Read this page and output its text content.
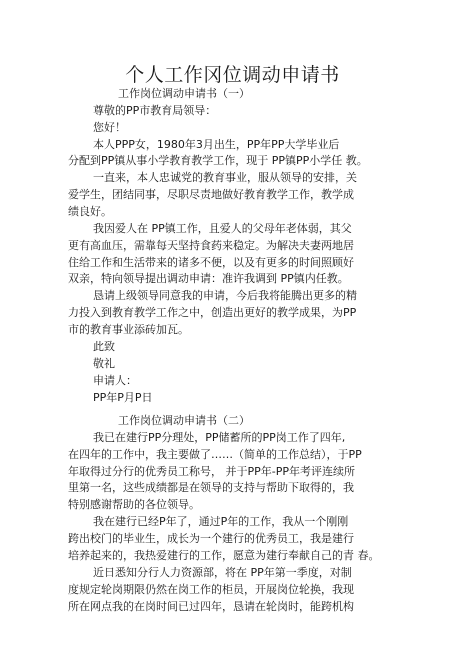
个人工作冈位调动申请书
工作岗位调动申请书（一）
尊敬的PP市教育局领导：
您好！
本人PPP女，1980年3月出生，PP年PP大学毕业后
分配到PP镇从事小学教育教学工作，现于 PP镇PP小学任 教。
一直来，本人忠诚党的教育事业，服从领导的安排，关
爱学生，团结同事，尽职尽责地做好教育教学工作，教学成
绩良好。
我因爱人在 PP镇工作，且爱人的父母年老体弱，其父
更有高血压，需靠每天坚持食药来稳定。为解决夫妻两地居
住给工作和生活带来的诸多不便，以及有更多的时间照顾好
双亲，特向领导提出调动申请：准许我调到 PP镇内任教。
恳请上级领导同意我的申请，今后我将能腾出更多的精
力投入到教育教学工作之中，创造出更好的教学成果，为PP
市的教育事业添砖加瓦。
此致
敬礼
申请人：
PP年P月P日
工作岗位调动申请书（二）
我已在建行PP分理处，PP储蓄所的PP岗工作了四年,
在四年的工作中，我主要做了……（简单的工作总结），于PP
年取得过分行的优秀员工称号， 并于PP年-PP年考评连续所
里第一名，这些成绩都是在领导的支持与帮助下取得的，我
特别感谢帮助的各位领导。
我在建行已经P年了，通过P年的工作，我从一个刚刚
跨出校门的毕业生，成长为一个建行的优秀员工，我是建行
培养起来的，我热爱建行的工作，愿意为建行奉献自己的青 春。
近日悉知分行人力资源部，将在 PP年第一季度，对制
度规定轮岗期限仍然在岗工作的柜员，开展岗位轮换，我现
所在网点我的在岗时间已过四年，恳请在轮岗时，能跨机构
